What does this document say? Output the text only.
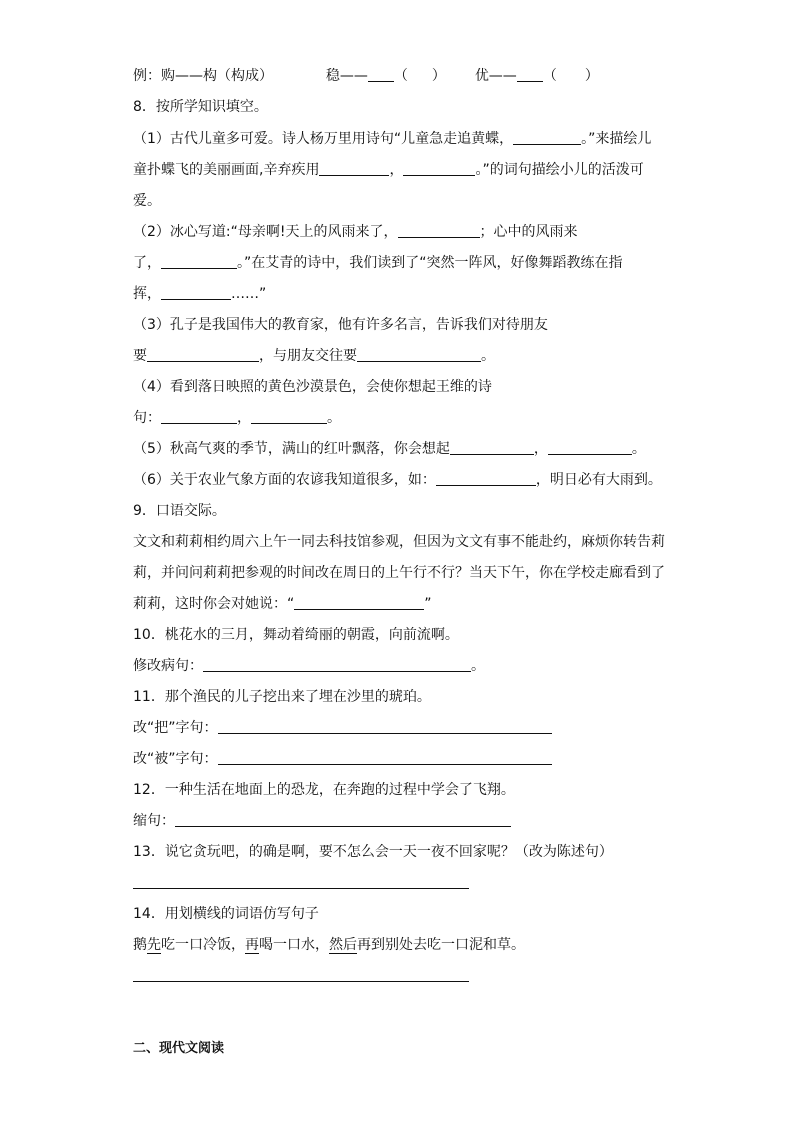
例：购——构（构成）	稳—— （ ） 优—— （ ）
8．按所学知识填空。
（1）古代儿童多可爱。诗人杨万里用诗句“儿童急走追黄蝶，	。”来描绘儿
童扑蝶飞的美丽画面,辛弃疾用	，	。”的词句描绘小儿的活泼可
爱。
（2）冰心写道:“母亲啊!天上的风雨来了，	；心中的风雨来
了，	。”在艾青的诗中，我们读到了“突然一阵风，好像舞蹈教练在指
挥，	……”
（3）孔子是我国伟大的教育家，他有许多名言，告诉我们对待朋友
要	，与朋友交往要	。
（4）看到落日映照的黄色沙漠景色，会使你想起王维的诗
句：	，	。
（5）秋高气爽的季节，满山的红叶飘落，你会想起	，	。
（6）关于农业气象方面的农谚我知道很多，如：	，明日必有大雨到。
9．口语交际。
文文和莉莉相约周六上午一同去科技馆参观，但因为文文有事不能赴约，麻烦你转告莉
莉，并问问莉莉把参观的时间改在周日的上午行不行？当天下午，你在学校走廊看到了
莉莉，这时你会对她说：“	”
10．桃花水的三月，舞动着绮丽的朝霞，向前流啊。
修改病句：	。
11．那个渔民的儿子挖出来了埋在沙里的琥珀。
改“把”字句：
改“被”字句：
12．一种生活在地面上的恐龙，在奔跑的过程中学会了飞翔。
缩句：
13．说它贪玩吧，的确是啊，要不怎么会一天一夜不回家呢？（改为陈述句）
14．用划横线的词语仿写句子
鹅先吃一口冷饭，再喝一口水，然后再到别处去吃一口泥和草。
二、现代文阅读
